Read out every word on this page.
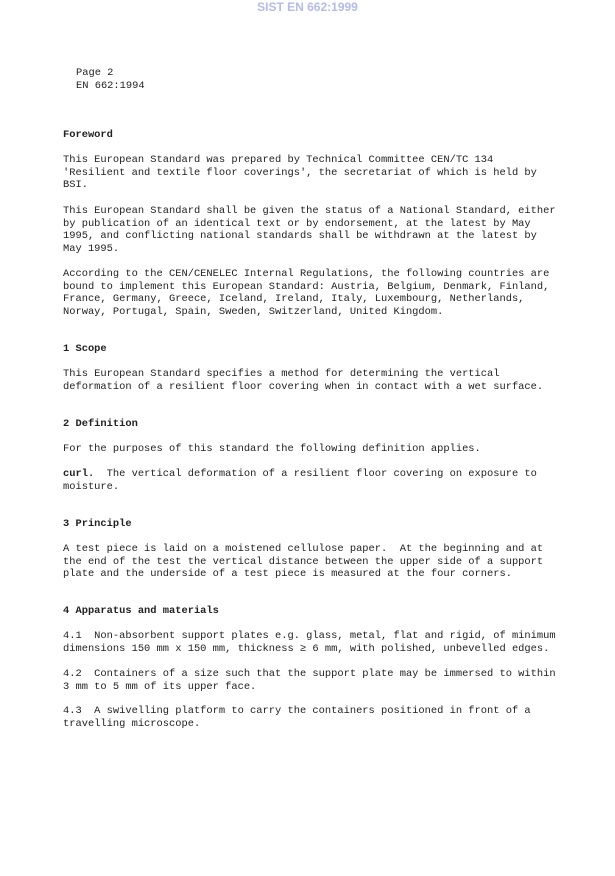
SIST EN 662:1999
Page 2
EN 662:1994
Foreword
This European Standard was prepared by Technical Committee CEN/TC 134
'Resilient and textile floor coverings', the secretariat of which is held by
BSI.
This European Standard shall be given the status of a National Standard, either
by publication of an identical text or by endorsement, at the latest by May
1995, and conflicting national standards shall be withdrawn at the latest by
May 1995.
According to the CEN/CENELEC Internal Regulations, the following countries are
bound to implement this European Standard: Austria, Belgium, Denmark, Finland,
France, Germany, Greece, Iceland, Ireland, Italy, Luxembourg, Netherlands,
Norway, Portugal, Spain, Sweden, Switzerland, United Kingdom.
1 Scope
This European Standard specifies a method for determining the vertical
deformation of a resilient floor covering when in contact with a wet surface.
2 Definition
For the purposes of this standard the following definition applies.
curl.  The vertical deformation of a resilient floor covering on exposure to
moisture.
3 Principle
A test piece is laid on a moistened cellulose paper.  At the beginning and at
the end of the test the vertical distance between the upper side of a support
plate and the underside of a test piece is measured at the four corners.
4 Apparatus and materials
4.1  Non-absorbent support plates e.g. glass, metal, flat and rigid, of minimum
dimensions 150 mm x 150 mm, thickness ≥ 6 mm, with polished, unbevelled edges.
4.2  Containers of a size such that the support plate may be immersed to within
3 mm to 5 mm of its upper face.
4.3  A swivelling platform to carry the containers positioned in front of a
travelling microscope.
